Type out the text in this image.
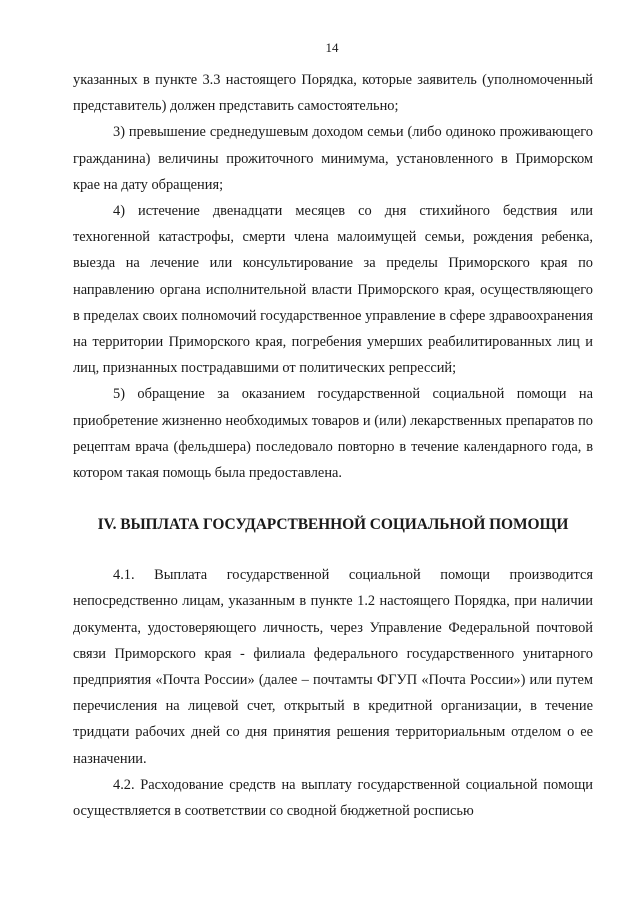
14

указанных в пункте 3.3 настоящего Порядка, которые заявитель (уполномоченный представитель) должен представить самостоятельно;

3) превышение среднедушевым доходом семьи (либо одиноко проживающего гражданина) величины прожиточного минимума, установленного в Приморском крае на дату обращения;

4) истечение двенадцати месяцев со дня стихийного бедствия или техногенной катастрофы, смерти члена малоимущей семьи, рождения ребенка, выезда на лечение или консультирование за пределы Приморского края по направлению органа исполнительной власти Приморского края, осуществляющего в пределах своих полномочий государственное управление в сфере здравоохранения на территории Приморского края, погребения умерших реабилитированных лиц и лиц, признанных пострадавшими от политических репрессий;

5) обращение за оказанием государственной социальной помощи на приобретение жизненно необходимых товаров и (или) лекарственных препаратов по рецептам врача (фельдшера) последовало повторно в течение календарного года, в котором такая помощь была предоставлена.

IV. ВЫПЛАТА ГОСУДАРСТВЕННОЙ СОЦИАЛЬНОЙ ПОМОЩИ

4.1. Выплата государственной социальной помощи производится непосредственно лицам, указанным в пункте 1.2 настоящего Порядка, при наличии документа, удостоверяющего личность, через Управление Федеральной почтовой связи Приморского края - филиала федерального государственного унитарного предприятия «Почта России» (далее – почтамты ФГУП «Почта России») или путем перечисления на лицевой счет, открытый в кредитной организации, в течение тридцати рабочих дней со дня принятия решения территориальным отделом о ее назначении.

4.2. Расходование средств на выплату государственной социальной помощи осуществляется в соответствии со сводной бюджетной росписью
